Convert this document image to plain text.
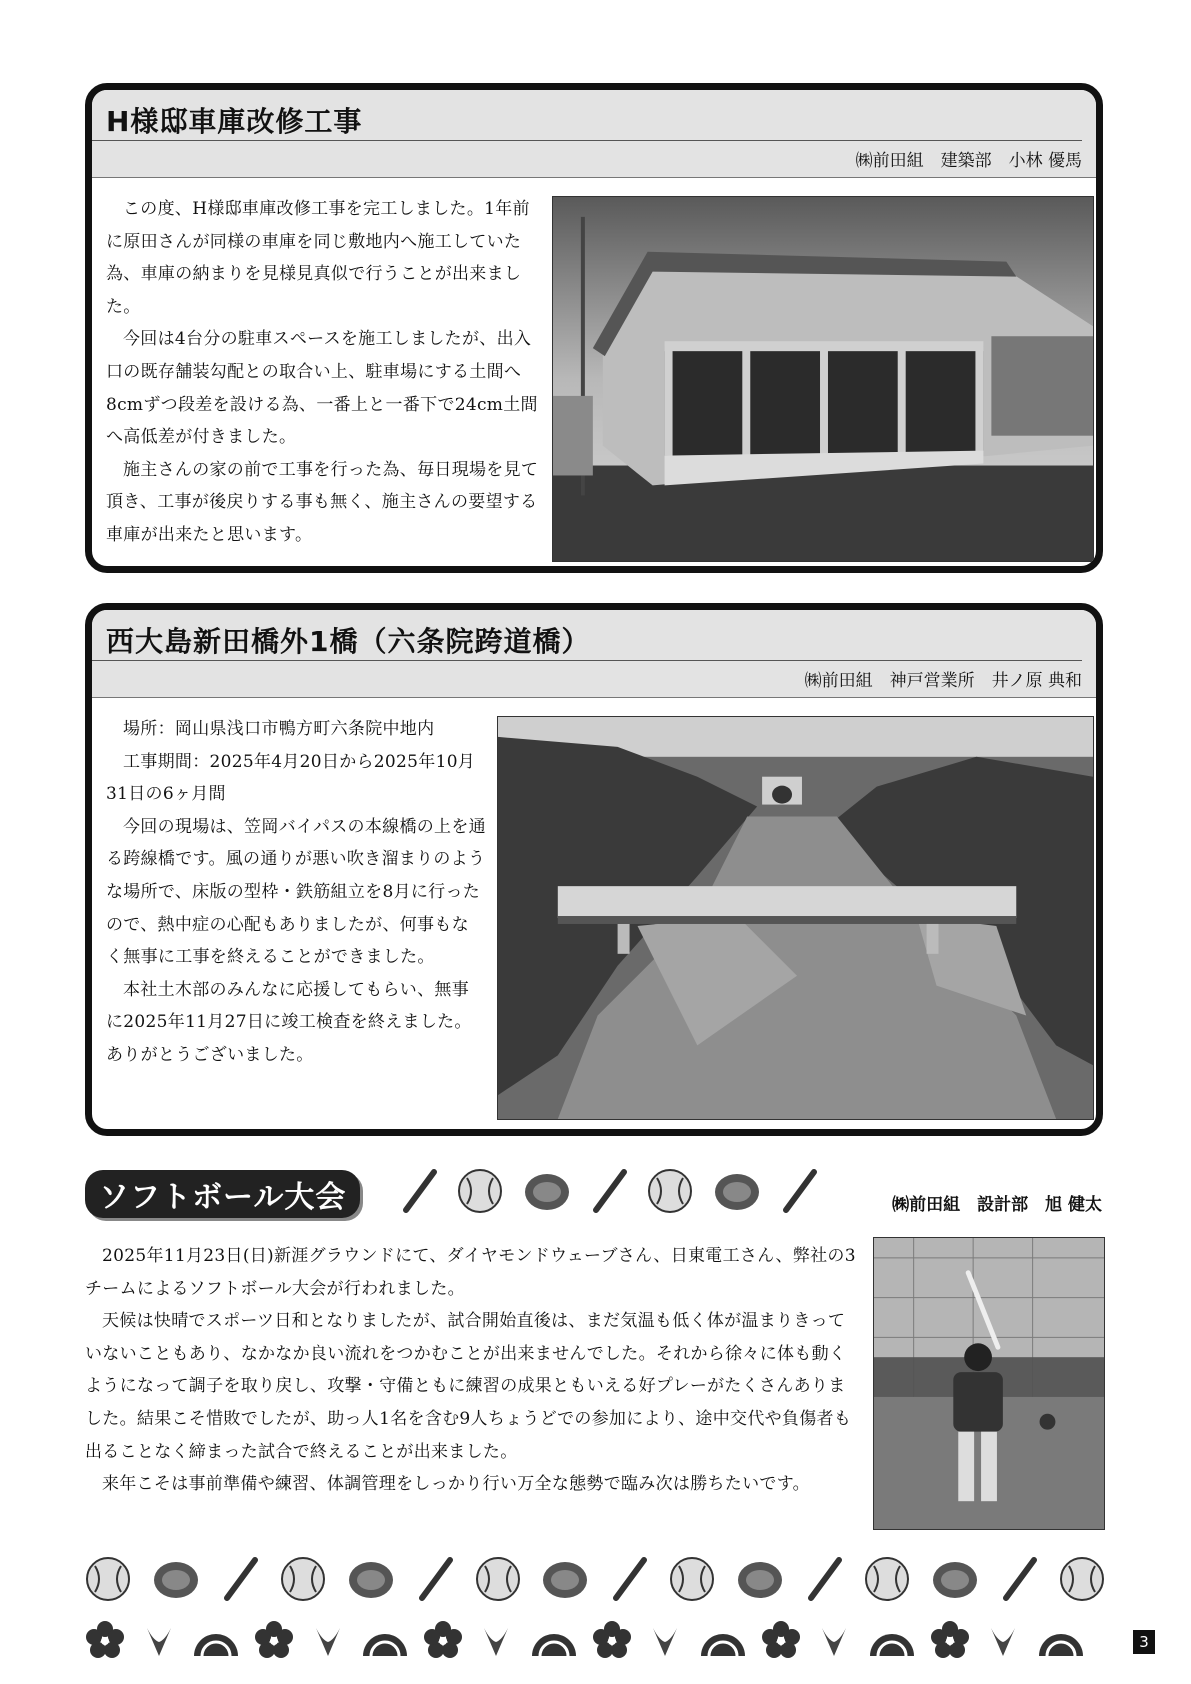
H様邸車庫改修工事
㈱前田組　建築部　小林 優馬

この度、H様邸車庫改修工事を完工しました。1年前に原田さんが同様の車庫を同じ敷地内へ施工していた為、車庫の納まりを見様見真似で行うことが出来ました。

今回は4台分の駐車スペースを施工しましたが、出入口の既存舗装勾配との取合い上、駐車場にする土間へ8cmずつ段差を設ける為、一番上と一番下で24cm土間へ高低差が付きました。

施主さんの家の前で工事を行った為、毎日現場を見て頂き、工事が後戻りする事も無く、施主さんの要望する車庫が出来たと思います。

西大島新田橋外1橋（六条院跨道橋）
㈱前田組　神戸営業所　井ノ原 典和

場所：岡山県浅口市鴨方町六条院中地内

工事期間：2025年4月20日から2025年10月31日の6ヶ月間

今回の現場は、笠岡バイパスの本線橋の上を通る跨線橋です。風の通りが悪い吹き溜まりのような場所で、床版の型枠・鉄筋組立を8月に行ったので、熱中症の心配もありましたが、何事もなく無事に工事を終えることができました。

本社土木部のみんなに応援してもらい、無事に2025年11月27日に竣工検査を終えました。ありがとうございました。

ソフトボール大会	㈱前田組　設計部　旭 健太

2025年11月23日(日)新涯グラウンドにて、ダイヤモンドウェーブさん、日東電工さん、弊社の3チームによるソフトボール大会が行われました。

天候は快晴でスポーツ日和となりましたが、試合開始直後は、まだ気温も低く体が温まりきっていないこともあり、なかなか良い流れをつかむことが出来ませんでした。それから徐々に体も動くようになって調子を取り戻し、攻撃・守備ともに練習の成果ともいえる好プレーがたくさんありました。結果こそ惜敗でしたが、助っ人1名を含む9人ちょうどでの参加により、途中交代や負傷者も出ることなく締まった試合で終えることが出来ました。

来年こそは事前準備や練習、体調管理をしっかり行い万全な態勢で臨み次は勝ちたいです。

3
